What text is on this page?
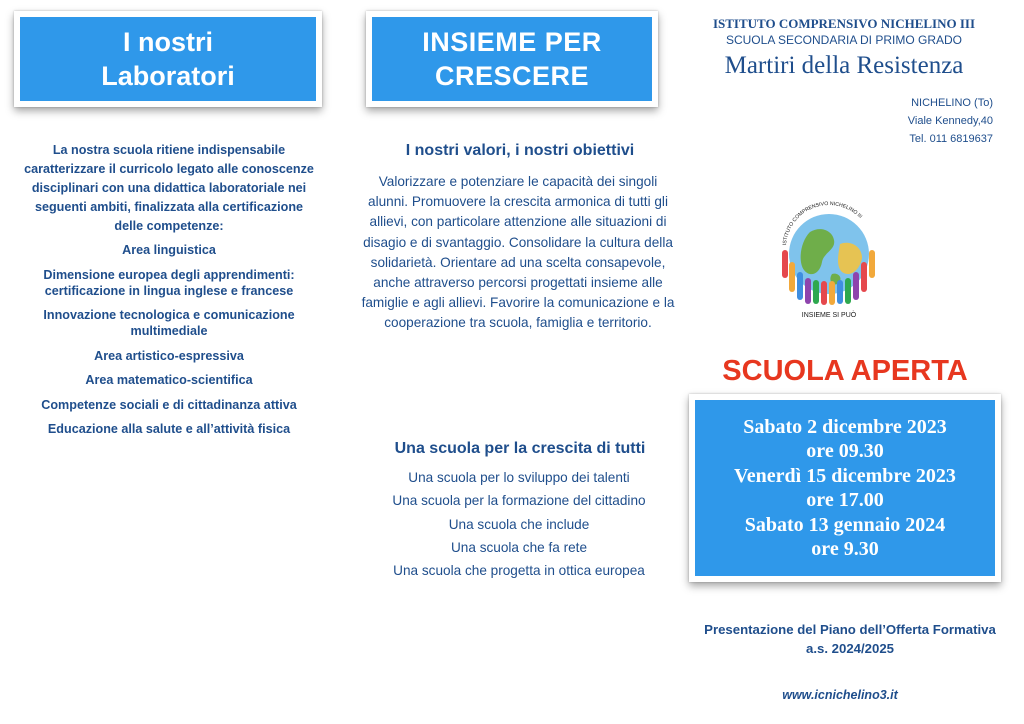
I nostri
Laboratori
La nostra scuola ritiene indispensabile caratterizzare il curricolo legato alle conoscenze disciplinari con una didattica laboratoriale nei seguenti ambiti, finalizzata alla certificazione delle competenze:
Area linguistica
Dimensione europea degli apprendimenti: certificazione in lingua inglese e francese
Innovazione tecnologica e comunicazione multimediale
Area artistico-espressiva
Area matematico-scientifica
Competenze sociali e di cittadinanza attiva
Educazione alla salute e all’attività fisica
INSIEME PER
CRESCERE
I nostri valori, i nostri obiettivi
Valorizzare e potenziare le capacità dei singoli alunni. Promuovere la crescita armonica di tutti gli allievi, con particolare attenzione alle situazioni di disagio e di svantaggio. Consolidare la cultura della solidarietà. Orientare ad una scelta consapevole, anche attraverso percorsi progettati insieme alle famiglie e agli allievi. Favorire la comunicazione e la cooperazione tra scuola, famiglia e territorio.
Una scuola per la crescita di tutti
Una scuola per lo sviluppo dei talenti
Una scuola per la formazione del cittadino
Una scuola che include
Una scuola che fa rete
Una scuola che progetta in ottica europea
ISTITUTO COMPRENSIVO NICHELINO III
SCUOLA SECONDARIA DI PRIMO GRADO
Martiri della Resistenza
NICHELINO (To)
Viale Kennedy,40
Tel. 011 6819637
ISTITUTO COMPRENSIVO NICHELINO III
INSIEME SI PUÒ
SCUOLA APERTA
Sabato 2 dicembre 2023
ore 09.30
Venerdì 15 dicembre 2023
ore 17.00
Sabato 13 gennaio 2024
ore 9.30
Presentazione del Piano dell’Offerta Formativa
a.s. 2024/2025
www.icnichelino3.it
